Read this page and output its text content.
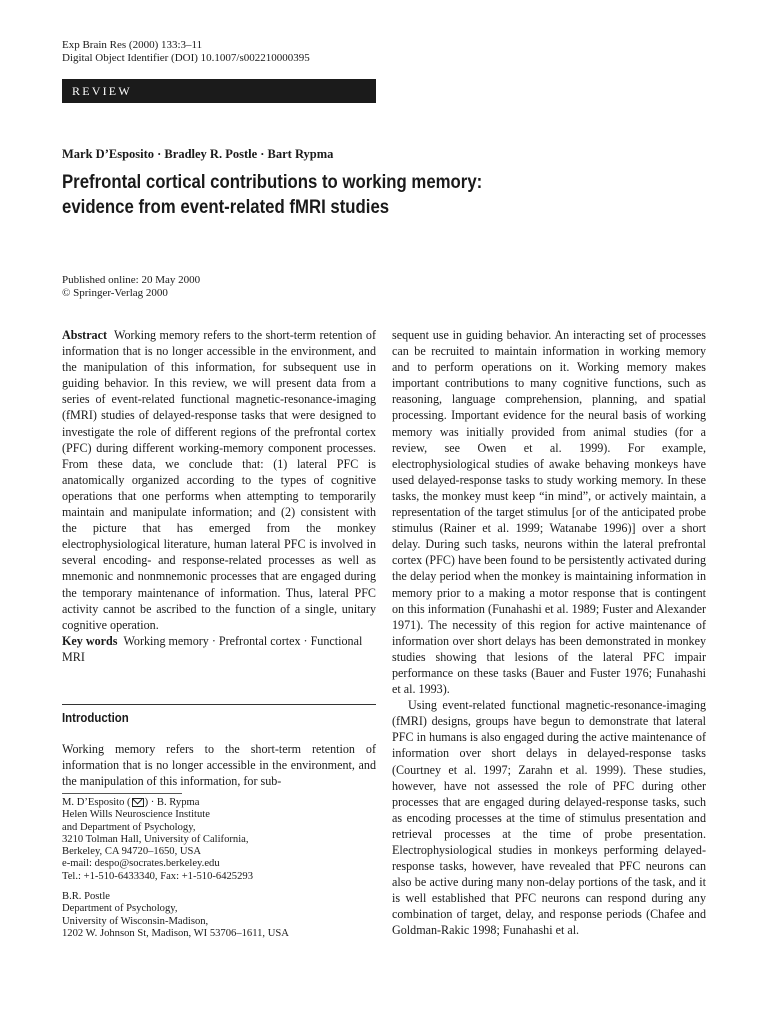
Exp Brain Res (2000) 133:3–11
Digital Object Identifier (DOI) 10.1007/s002210000395
REVIEW
Mark D’Esposito · Bradley R. Postle · Bart Rypma
Prefrontal cortical contributions to working memory:
evidence from event-related fMRI studies
Published online: 20 May 2000
© Springer-Verlag 2000

Abstract Working memory refers to the short-term retention of information that is no longer accessible in the environment, and the manipulation of this information, for subsequent use in guiding behavior. In this review, we will present data from a series of event-related functional magnetic-resonance-imaging (fMRI) studies of delayed-response tasks that were designed to investigate the role of different regions of the prefrontal cortex (PFC) during different working-memory component processes. From these data, we conclude that: (1) lateral PFC is anatomically organized according to the types of cognitive operations that one performs when attempting to temporarily maintain and manipulate information; and (2) consistent with the picture that has emerged from the monkey electrophysiological literature, human lateral PFC is involved in several encoding- and response-related processes as well as mnemonic and nonmnemonic processes that are engaged during the temporary maintenance of information. Thus, lateral PFC activity cannot be ascribed to the function of a single, unitary cognitive operation.

Key words Working memory · Prefrontal cortex · Functional MRI

Introduction

Working memory refers to the short-term retention of information that is no longer accessible in the environment, and the manipulation of this information, for sub-

M. D’Esposito ( ) · B. Rypma

Helen Wills Neuroscience Institute

and Department of Psychology,

3210 Tolman Hall, University of California,

Berkeley, CA 94720–1650, USA

e-mail: despo@socrates.berkeley.edu

Tel.: +1-510-6433340, Fax: +1-510-6425293

B.R. Postle

Department of Psychology,

University of Wisconsin-Madison,

1202 W. Johnson St, Madison, WI 53706–1611, USA

sequent use in guiding behavior. An interacting set of processes can be recruited to maintain information in working memory and to perform operations on it. Working memory makes important contributions to many cognitive functions, such as reasoning, language comprehension, planning, and spatial processing. Important evidence for the neural basis of working memory was initially provided from animal studies (for a review, see Owen et al. 1999). For example, electrophysiological studies of awake behaving monkeys have used delayed-response tasks to study working memory. In these tasks, the monkey must keep “in mind”, or actively maintain, a representation of the target stimulus [or of the anticipated probe stimulus (Rainer et al. 1999; Watanabe 1996)] over a short delay. During such tasks, neurons within the lateral prefrontal cortex (PFC) have been found to be persistently activated during the delay period when the monkey is maintaining information in memory prior to a making a motor response that is contingent on this information (Funahashi et al. 1989; Fuster and Alexander 1971). The necessity of this region for active maintenance of information over short delays has been demonstrated in monkey studies showing that lesions of the lateral PFC impair performance on these tasks (Bauer and Fuster 1976; Funahashi et al. 1993).

Using event-related functional magnetic-resonance-imaging (fMRI) designs, groups have begun to demonstrate that lateral PFC in humans is also engaged during the active maintenance of information over short delays in delayed-response tasks (Courtney et al. 1997; Zarahn et al. 1999). These studies, however, have not assessed the role of PFC during other processes that are engaged during delayed-response tasks, such as encoding processes at the time of stimulus presentation and retrieval processes at the time of probe presentation. Electrophysiological studies in monkeys performing delayed-response tasks, however, have revealed that PFC neurons can also be active during many non-delay portions of the task, and it is well established that PFC neurons can respond during any combination of target, delay, and response periods (Chafee and Goldman-Rakic 1998; Funahashi et al.
